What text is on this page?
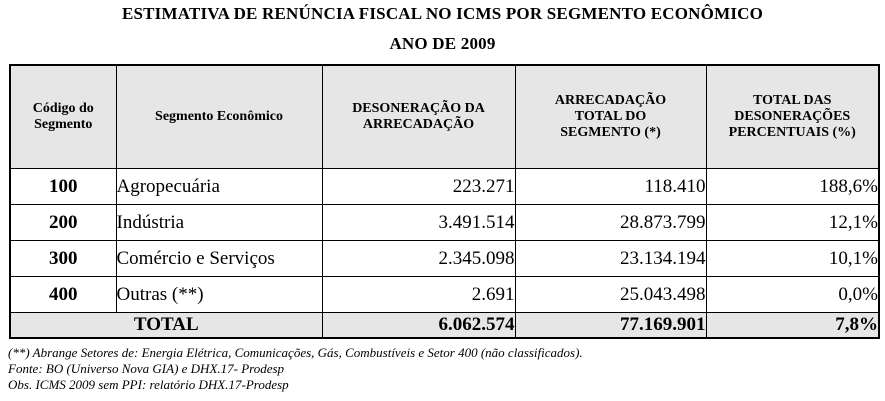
ESTIMATIVA DE RENÚNCIA FISCAL NO ICMS POR SEGMENTO ECONÔMICO
ANO DE 2009
Código do Segmento	Segmento Econômico	DESONERAÇÃO DA ARRECADAÇÃO	ARRECADAÇÃO TOTAL DO SEGMENTO (*)	TOTAL DAS DESONERAÇÕES PERCENTUAIS (%)

100	Agropecuária	223.271	118.410	188,6%
200	Indústria	3.491.514	28.873.799	12,1%
300	Comércio e Serviços	2.345.098	23.134.194	10,1%
400	Outras (**)	2.691	25.043.498	0,0%
TOTAL		6.062.574	77.169.901	7,8%
(**) Abrange Setores de: Energia Elétrica, Comunicações, Gás, Combustíveis e Setor 400 (não classificados).
Fonte: BO (Universo Nova GIA) e DHX.17- Prodesp
Obs. ICMS 2009 sem PPI: relatório DHX.17-Prodesp
